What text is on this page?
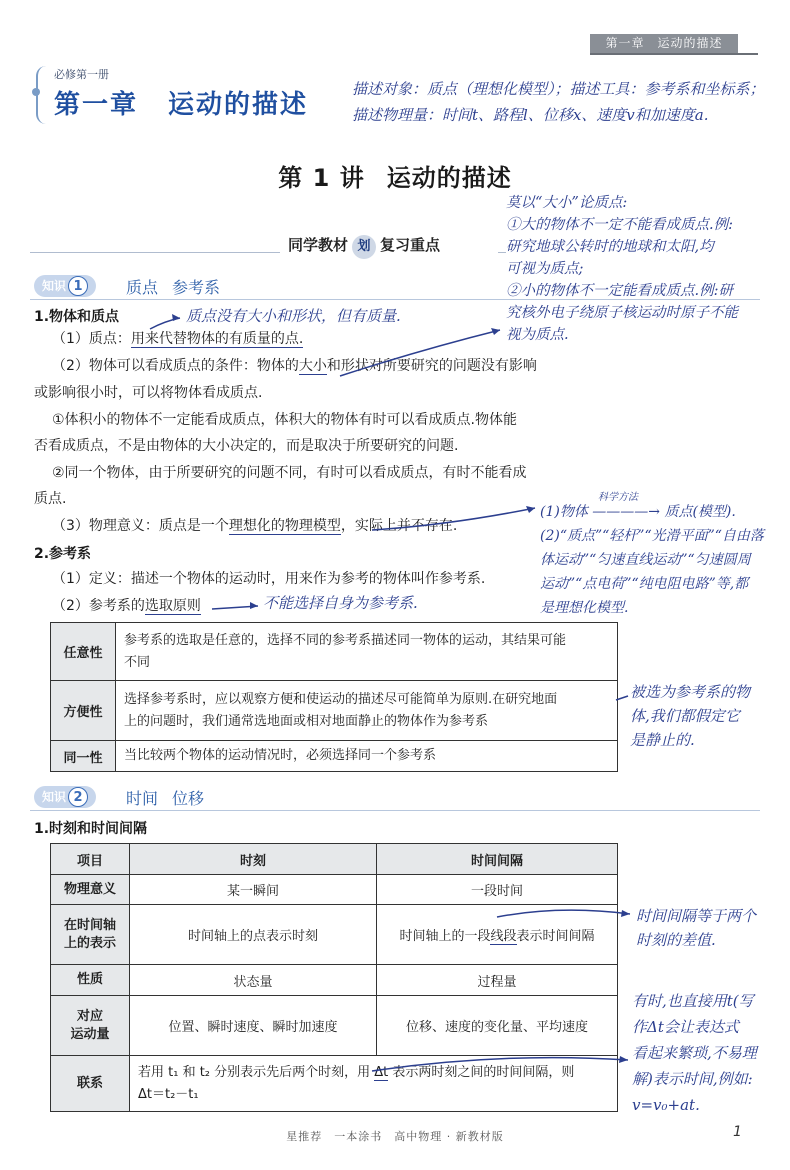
第一章　运动的描述
必修第一册
第一章 运动的描述
描述对象：质点（理想化模型）；描述工具：参考系和坐标系；
描述物理量：时间t、路程l、位移x、速度v和加速度a.
第 1 讲 运动的描述
同学教材 划 复习重点
莫以“大小”论质点:
①大的物体不一定不能看成质点.例:
研究地球公转时的地球和太阳,均
可视为质点;
②小的物体不一定能看成质点.例:研
究核外电子绕原子核运动时原子不能
视为质点.
知识 1	质点 参考系
1.物体和质点
（1）质点：用来代替物体的有质量的点.
质点没有大小和形状，但有质量.
（2）物体可以看成质点的条件：物体的大小和形状对所要研究的问题没有影响
或影响很小时，可以将物体看成质点.
①体积小的物体不一定能看成质点，体积大的物体有时可以看成质点.物体能
否看成质点，不是由物体的大小决定的，而是取决于所要研究的问题.
②同一个物体，由于所要研究的问题不同，有时可以看成质点，有时不能看成
质点.
（3）物理意义：质点是一个理想化的物理模型，实际上并不存在.
科学方法
(1)物体 ————→ 质点(模型).
(2)“质点”“轻杆”“光滑平面”“自由落
体运动”“匀速直线运动”“匀速圆周
运动”“点电荷”“纯电阻电路”等,都
是理想化模型.
2.参考系
（1）定义：描述一个物体的运动时，用来作为参考的物体叫作参考系.
（2）参考系的选取原则	不能选择自身为参考系.
任意性	参考系的选取是任意的，选择不同的参考系描述同一物体的运动，其结果可能
不同

方便性	选择参考系时，应以观察方便和使运动的描述尽可能简单为原则.在研究地面
上的问题时，我们通常选地面或相对地面静止的物体作为参考系

同一性	当比较两个物体的运动情况时，必须选择同一个参考系
被选为参考系的物
体,我们都假定它
是静止的.
知识 2	时间 位移
1.时刻和时间间隔
项目	时刻	时间间隔
物理意义	某一瞬间	一段时间

在时间轴
上的表示	时间轴上的点表示时刻	时间轴上的一段线段表示时间间隔
性质	状态量	过程量

对应
运动量	位置、瞬时速度、瞬时加速度	位移、速度的变化量、平均速度
联系	若用 t₁ 和 t₂ 分别表示先后两个时刻，用 Δt 表示两时刻之间的时间间隔，则
Δt＝t₂－t₁	
时间间隔等于两个
时刻的差值.
有时,也直接用t(写
作Δt会让表达式
看起来繁琐,不易理
解)表示时间,例如:
v=v₀+at.
星推荐　一本涂书　高中物理 · 新教材版	1
